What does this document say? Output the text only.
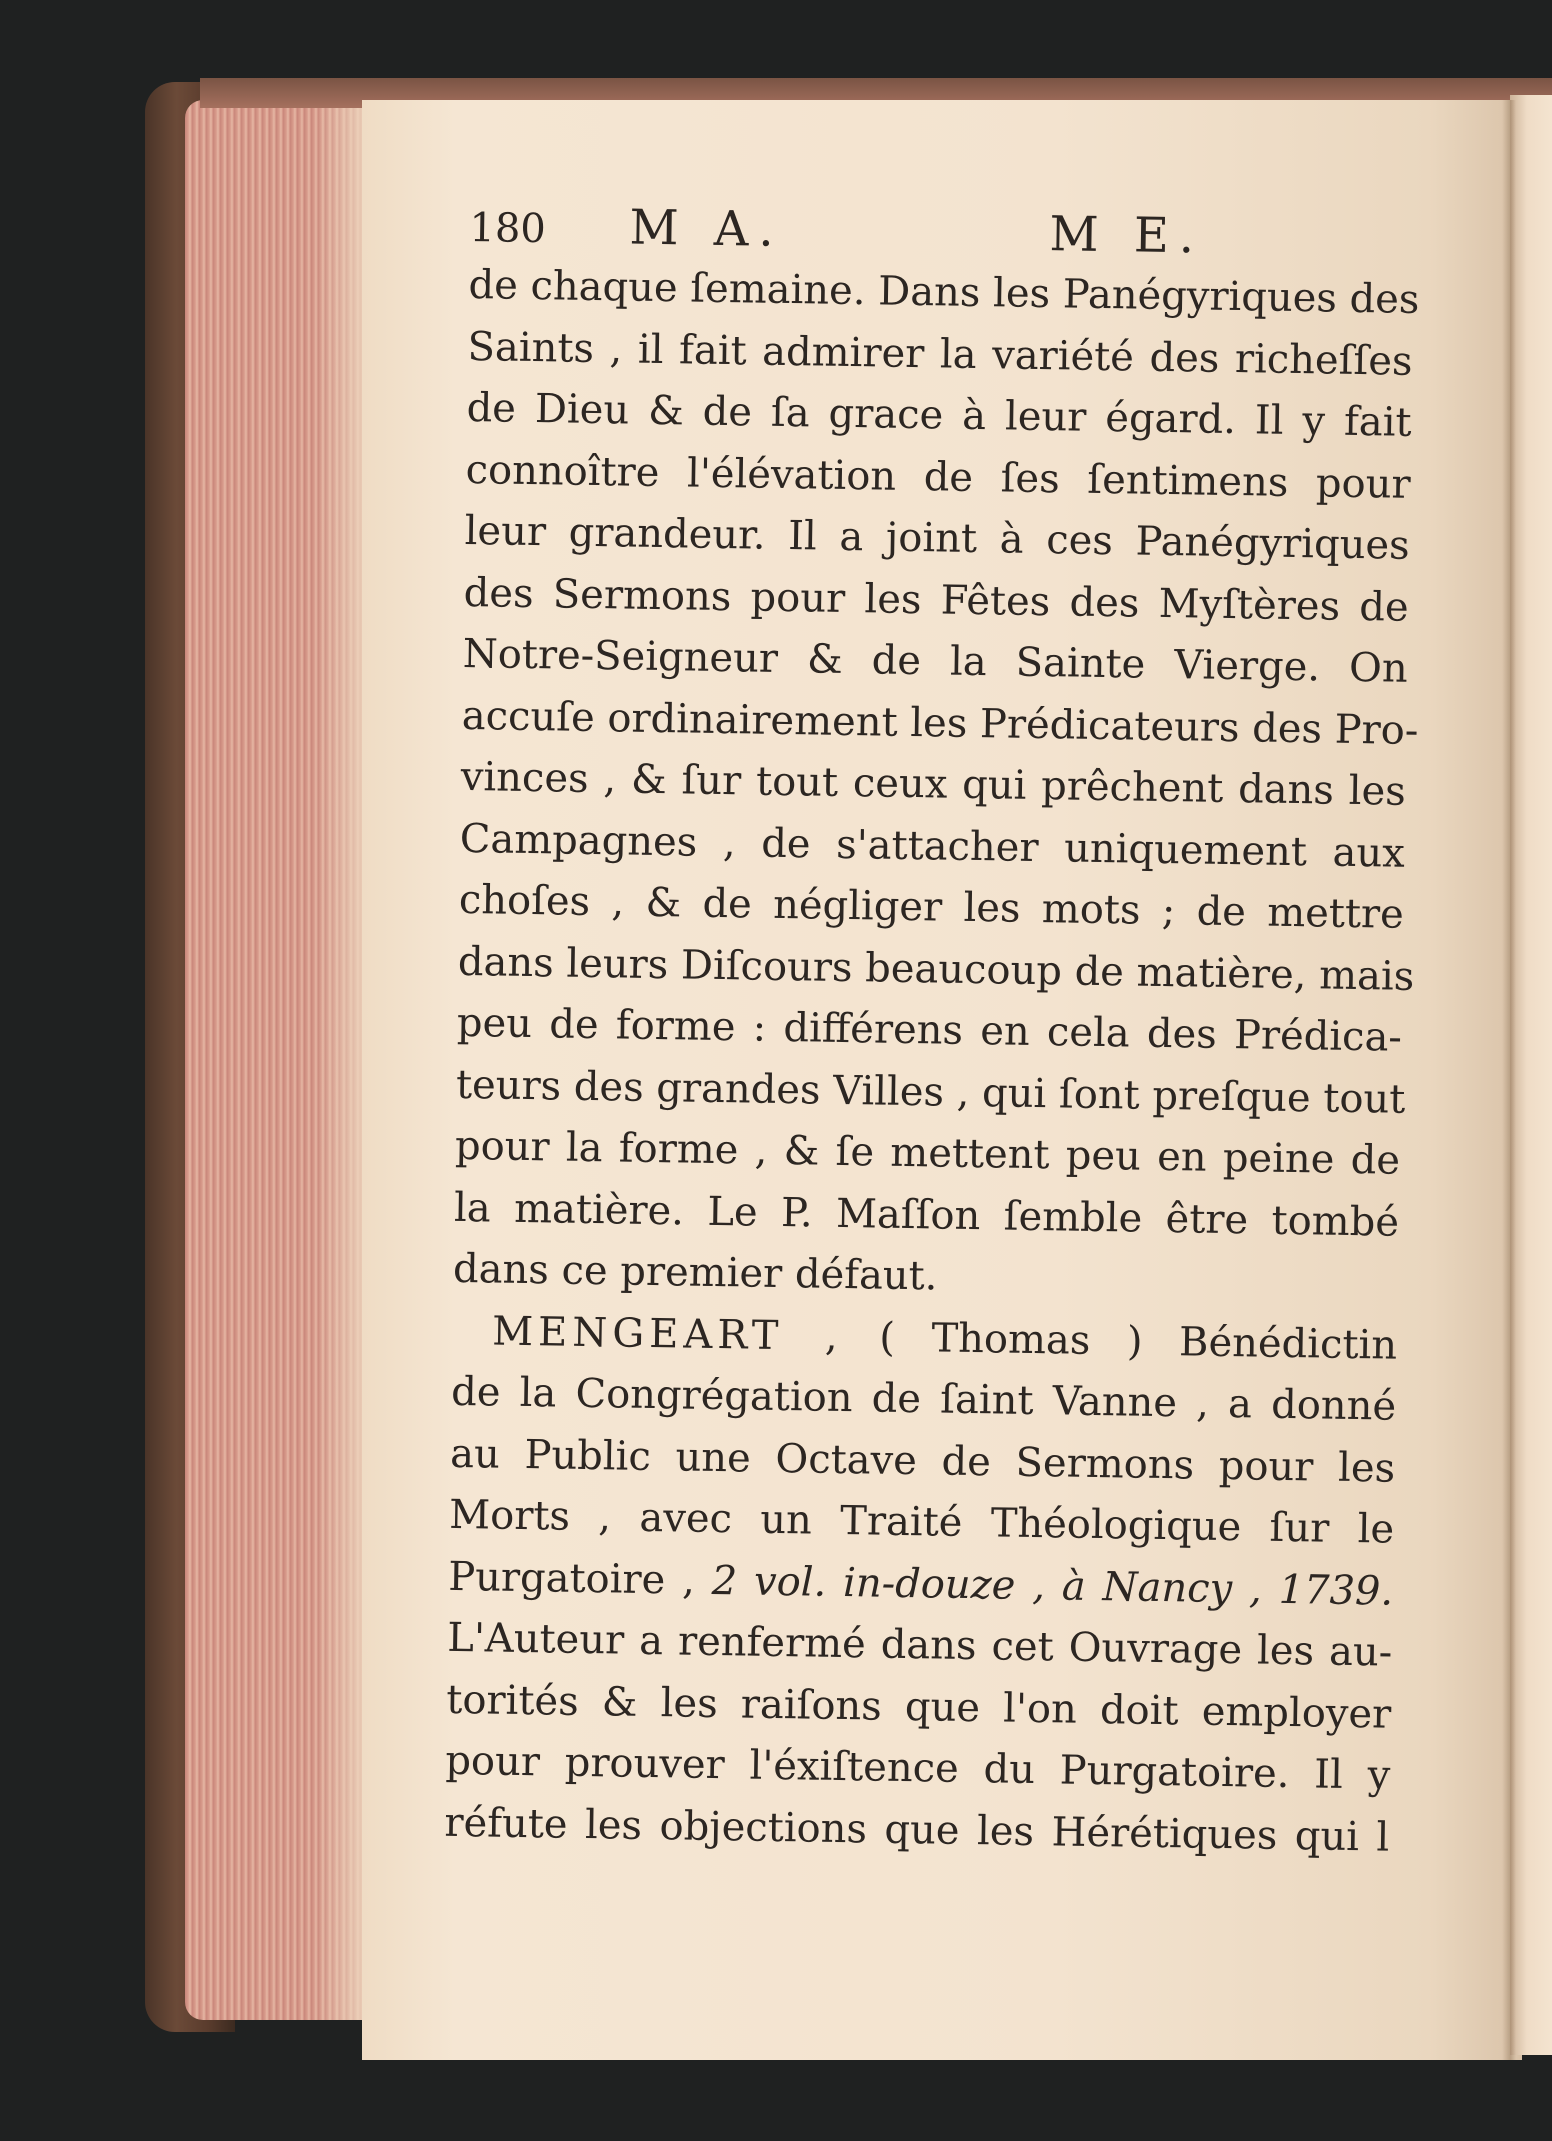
180	M A.	M E.
de chaque ſemaine. Dans les Panégyriques des
Saints , il fait admirer la variété des richeſſes
de Dieu & de ſa grace à leur égard. Il y fait
connoître l'élévation de ſes ſentimens pour
leur grandeur. Il a joint à ces Panégyriques
des Sermons pour les Fêtes des Myſtères de
Notre-Seigneur & de la Sainte Vierge. On
accuſe ordinairement les Prédicateurs des Pro-
vinces , & ſur tout ceux qui prêchent dans les
Campagnes , de s'attacher uniquement aux
choſes , & de négliger les mots ; de mettre
dans leurs Diſcours beaucoup de matière, mais
peu de forme : différens en cela des Prédica-
teurs des grandes Villes , qui ſont preſque tout
pour la forme , & ſe mettent peu en peine de
la matière. Le P. Maſſon ſemble être tombé
dans ce premier défaut.
MENGEART , ( Thomas ) Bénédictin
de la Congrégation de ſaint Vanne , a donné
au Public une Octave de Sermons pour les
Morts , avec un Traité Théologique ſur le
Purgatoire , 2 vol. in-douze , à Nancy , 1739.
L'Auteur a renfermé dans cet Ouvrage les au-
torités & les raiſons que l'on doit employer
pour prouver l'éxiſtence du Purgatoire. Il y
réfute les objections que les Hérétiques qui l
